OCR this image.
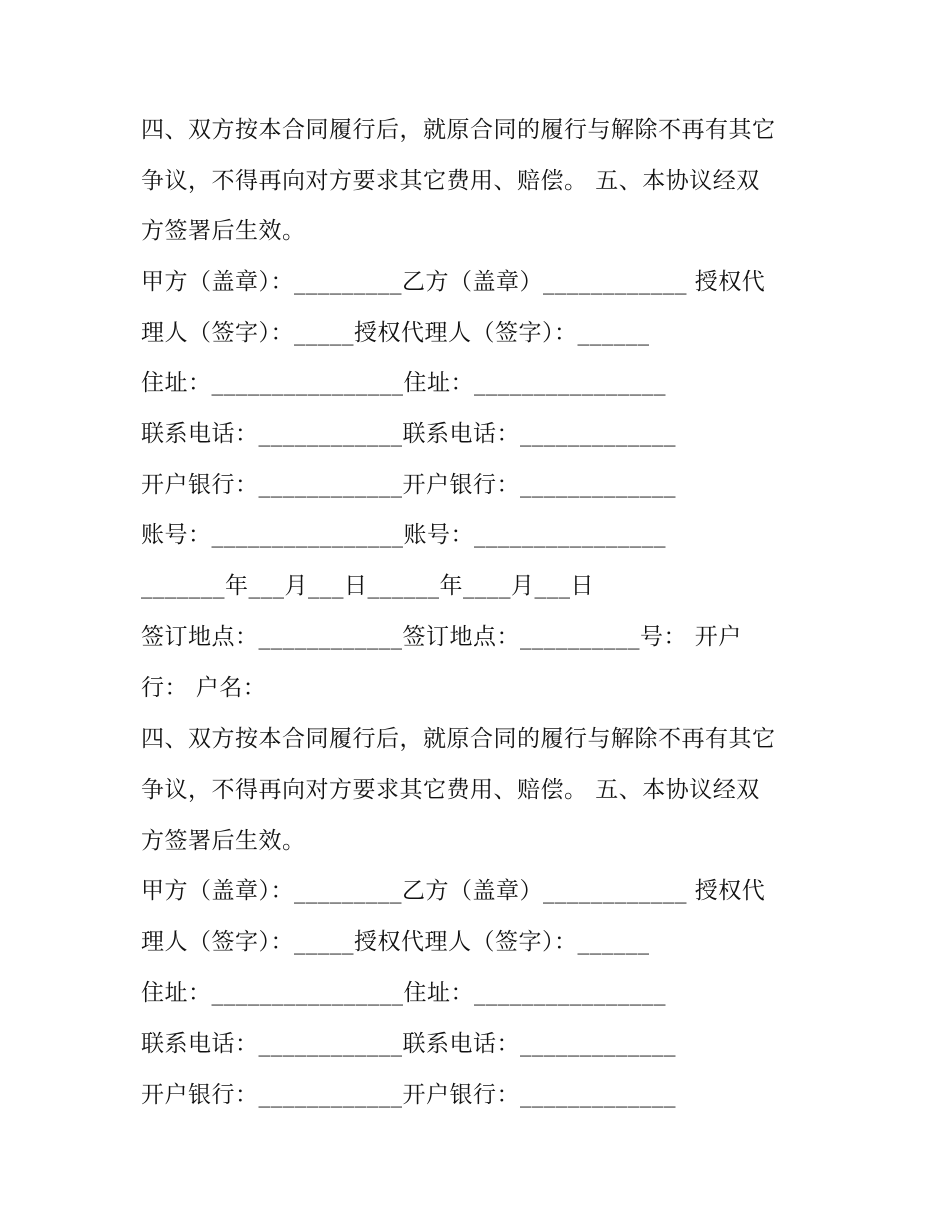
四、双方按本合同履行后，就原合同的履行与解除不再有其它
争议，不得再向对方要求其它费用、赔偿。 五、本协议经双
方签署后生效。
甲方（盖章）：_________乙方（盖章）____________ 授权代
理人（签字）：_____授权代理人（签字）：______
住址：________________住址：________________
联系电话：____________联系电话：_____________
开户银行：____________开户银行：_____________
账号：________________账号：________________
_______年___月___日______年____月___日
签订地点：____________签订地点：__________号： 开户
行： 户名：
四、双方按本合同履行后，就原合同的履行与解除不再有其它
争议，不得再向对方要求其它费用、赔偿。 五、本协议经双
方签署后生效。
甲方（盖章）：_________乙方（盖章）____________ 授权代
理人（签字）：_____授权代理人（签字）：______
住址：________________住址：________________
联系电话：____________联系电话：_____________
开户银行：____________开户银行：_____________
